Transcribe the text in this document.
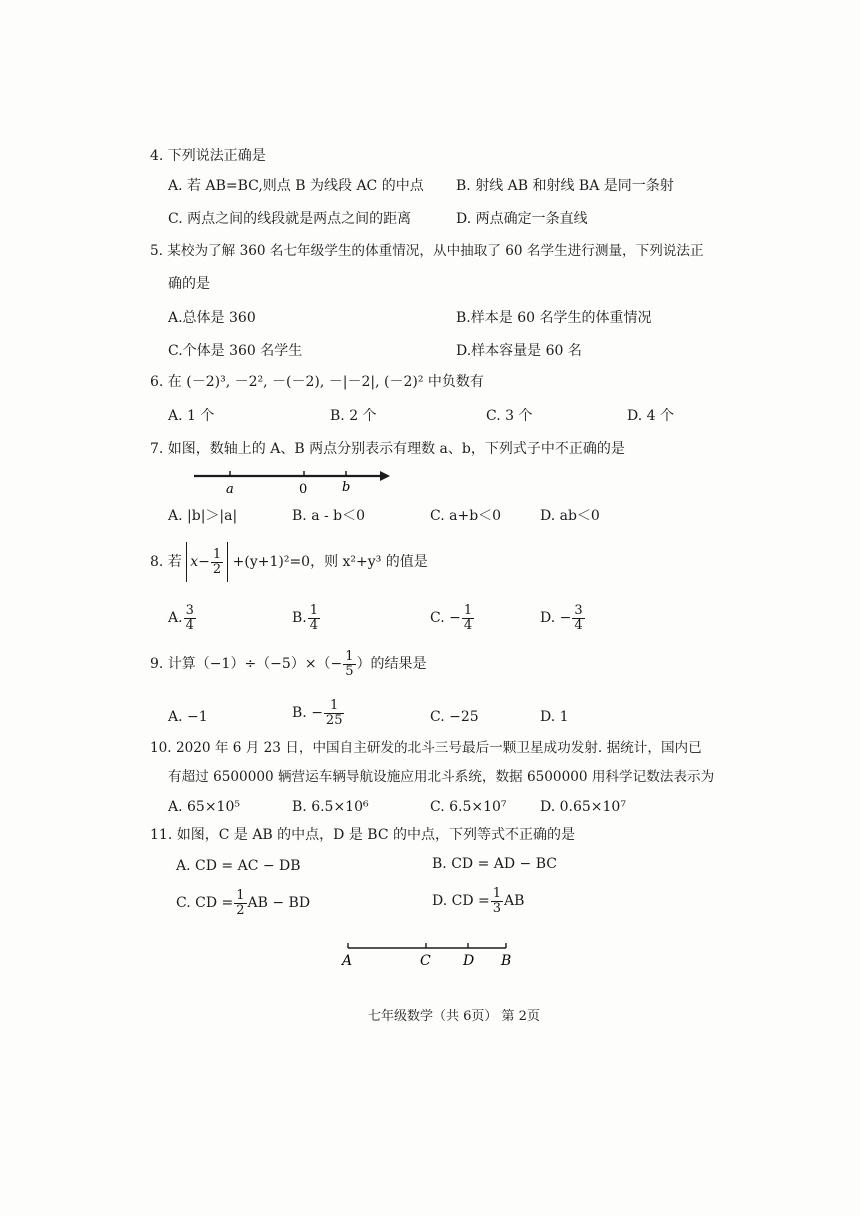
4. 下列说法正确是
A. 若 AB=BC,则点 B 为线段 AC 的中点 B. 射线 AB 和射线 BA 是同一条射
C. 两点之间的线段就是两点之间的距离	D. 两点确定一条直线
5. 某校为了解 360 名七年级学生的体重情况，从中抽取了 60 名学生进行测量，下列说法正
确的是
A.总体是 360	B.样本是 60 名学生的体重情况
C.个体是 360 名学生	D.样本容量是 60 名
6. 在 (－2)³, －2², －(－2), －|－2|, (－2)² 中负数有
A. 1 个	B. 2 个	C. 3 个	D. 4 个
7. 如图，数轴上的 A、B 两点分别表示有理数 a、b，下列式子中不正确的是
a	0	b
A. |b|＞|a|	B. a - b＜0	C. a+b＜0	D. ab＜0
8. 若 $x- \frac{1}{2} +(y+1)^2=0$，则 x²+y³ 的值是
A. $\frac{3}{4}$	B. $\frac{1}{4}$	C. − $\frac{1}{4}$	D. − $\frac{3}{4}$
9. 计算$(-1)\div(-5)\times(- \frac{1}{5}$ ）的结果是
A. −1	B. − $\frac{1}{25}$	C. −25	D. 1
10. 2020 年 6 月 23 日，中国自主研发的北斗三号最后一颗卫星成功发射. 据统计，国内已
有超过 6500000 辆营运车辆导航设施应用北斗系统，数据 6500000 用科学记数法表示为
A. 65×10⁵	B. 6.5×10⁶	C. 6.5×10⁷ D. 0.65×10⁷
11. 如图，C 是 AB 的中点，D 是 BC 的中点，下列等式不正确的是
A. CD = AC − DB	B. CD = AD − BC
C. CD = $\frac{1}{2}$ AB − BD	D. CD = $\frac{1}{3}$ AB
A	C D B
七年级数学（共 6页） 第 2页
